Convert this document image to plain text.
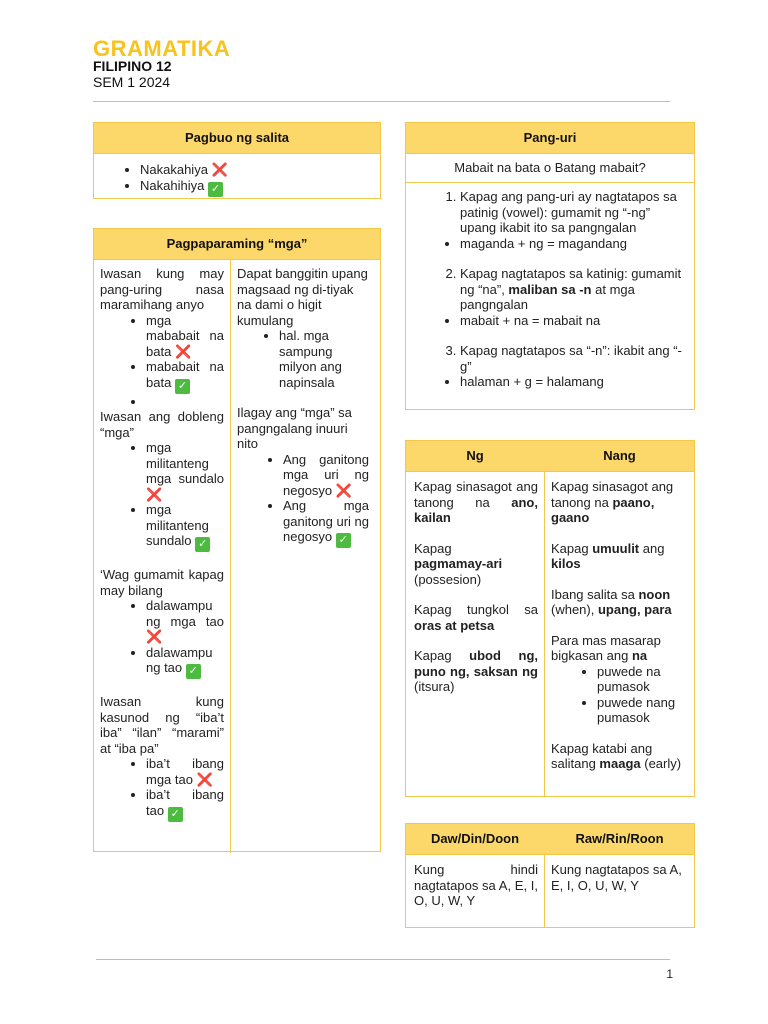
GRAMATIKA
FILIPINO 12
SEM 1 2024
Pagbuo ng salita
• Nakakahiya ❌
• Nakahihiya ✓
Pagpaparaming “mga”
Iwasan kung may pang-uring nasa maramihang anyo
• mga mababait na bata ❌
• mababait na bata ✓
•
Iwasan ang dobleng “mga”
• mga militanteng mga sundalo ❌
• mga militanteng sundalo ✓
‘Wag gumamit kapag may bilang
• dalawampu ng mga tao ❌
• dalawampu ng tao ✓
Iwasan kung kasunod ng “iba’t iba” “ilan” “marami” at “iba pa”
• iba’t ibang mga tao ❌
• iba’t ibang tao ✓
Dapat banggitin upang magsaad ng di-tiyak na dami o higit kumulang
• hal. mga sampung milyon ang napinsala
Ilagay ang “mga” sa pangngalang inuuri nito
• Ang ganitong mga uri ng negosyo ❌
• Ang mga ganitong uri ng negosyo ✓
Pang-uri
Mabait na bata o Batang mabait?
1. Kapag ang pang-uri ay nagtatapos sa patinig (vowel): gumamit ng “-ng” upang ikabit ito sa pangngalan
• maganda + ng = magandang
2. Kapag nagtatapos sa katinig: gumamit ng “na”, maliban sa -n at mga pangngalan
• mabait + na = mabait na
3. Kapag nagtatapos sa “-n”: ikabit ang “-g”
• halaman + g = halamang
Ng	Nang
Kapag sinasagot ang tanong na ano, kailan
Kapag
pagmamay-ari
(possesion)
Kapag tungkol sa oras at petsa
Kapag ubod ng, puno ng, saksan ng (itsura)
Kapag sinasagot ang tanong na paano, gaano
Kapag umuulit ang kilos
Ibang salita sa noon (when), upang, para
Para mas masarap bigkasan ang na
• puwede na pumasok
• puwede nang pumasok
Kapag katabi ang salitang maaga (early)
Daw/Din/Doon	Raw/Rin/Roon
Kung hindi nagtatapos sa A, E, I, O, U, W, Y
Kung nagtatapos sa A, E, I, O, U, W, Y
1
